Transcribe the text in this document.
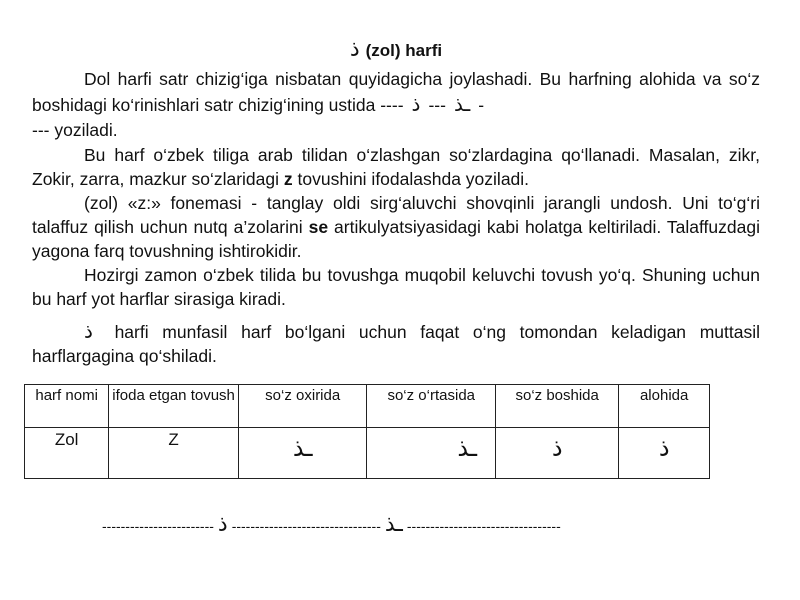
ذ (zol) harfi

Dol harfi satr chizig‘iga nisbatan quyidagicha joylashadi. Bu harfning alohida va so‘z boshidagi ko‘rinishlari satr chizig‘ining ustida ----	ـذ---ذ	-
--- yoziladi.

Bu harf o‘zbek tiliga arab tilidan o‘zlashgan so‘zlardagina qo‘llanadi. Masalan, zikr, Zokir, zarra, mazkur so‘zlaridagi z tovushini ifodalashda yoziladi.

(zol) «z:» fonemasi - tanglay oldi sirg‘aluvchi shovqinli jarangli undosh. Uni to‘g‘ri talaffuz qilish uchun nutq a’zolarini se artikulyatsiyasidagi kabi holatga keltiriladi. Talaffuzdagi yagona farq tovushning ishtirokidir.

Hozirgi zamon o‘zbek tilida bu tovushga muqobil keluvchi tovush yo‘q. Shuning uchun bu harf yot harflar sirasiga kiradi.

ذ harfi munfasil harf bo‘lgani uchun faqat o‘ng tomondan keladigan muttasil harflargagina qo‘shiladi.

harf nomi	ifoda etgan tovush	so‘z oxirida	so‘z o‘rtasida	so‘z boshida	alohida
Zol	Z	ـذ	ـذ	ذ	ذ
------------------------	ـذ--------------------------------ذ	---------------------------------
